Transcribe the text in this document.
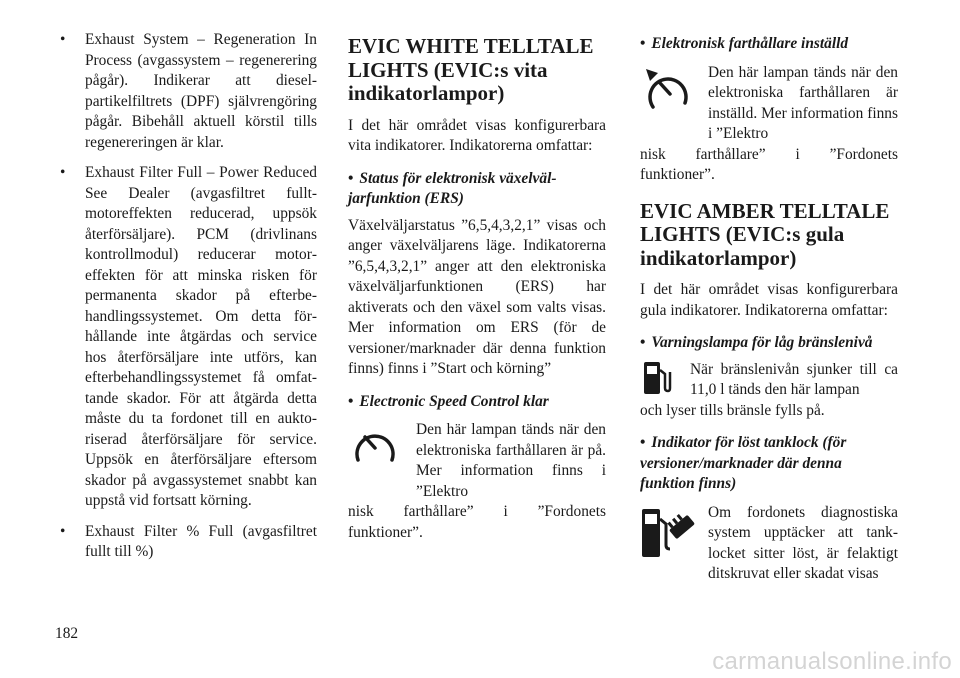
• Exhaust System – Regeneration In Process (avgassystem – regenerering pågår). Indikerar att dieselpartikelfiltrets (DPF) självrengöring pågår. Bibehåll aktuell körstil tills regenereringen är klar.
• Exhaust Filter Full – Power Reduced See Dealer (avgasfiltret fullt-motoreffekten reducerad, uppsök återförsäljare). PCM (drivlinans kontrollmodul) reducerar motoreffekten för att minska risken för permanenta skador på efterbehandlingssystemet. Om detta förhållande inte åtgärdas och service hos återförsäljare inte utförs, kan efterbehandlingssystemet få omfattande skador. För att åtgärda detta måste du ta fordonet till en auktoriserad återförsäljare för service. Uppsök en återförsäljare eftersom skador på avgassystemet snabbt kan uppstå vid fortsatt körning.
• Exhaust Filter % Full (avgasfiltret fullt till %)
EVIC WHITE TELLTALE LIGHTS (EVIC:s vita indikatorlampor)

I det här området visas konfigurerbara vita indikatorer. Indikatorerna omfattar:

• Status för elektronisk växelväljarfunktion (ERS)

Växelväljarstatus ”6,5,4,3,2,1” visas och anger växelväljarens läge. Indikatorerna ”6,5,4,3,2,1” anger att den elektroniska växelväljarfunktionen (ERS) har aktiverats och den växel som valts visas. Mer information om ERS (för de versioner/marknader där denna funktion finns) finns i ”Start och körning”

• Electronic Speed Control klar

Den här lampan tänds när den elektroniska farthållaren är på. Mer information finns i ”Elektro

nisk farthållare” i ”Fordonets funktioner”.

• Elektronisk farthållare inställd

Den här lampan tänds när den elektroniska farthållaren är inställd. Mer information finns i ”Elektro

nisk farthållare” i ”Fordonets funktioner”.

EVIC AMBER TELLTALE LIGHTS (EVIC:s gula indikatorlampor)

I det här området visas konfigurerbara gula indikatorer. Indikatorerna omfattar:

• Varningslampa för låg bränslenivå

När bränslenivån sjunker till ca 11,0 l tänds den här lampan

och lyser tills bränsle fylls på.

• Indikator för löst tanklock (för versioner/marknader där denna funktion finns)

Om fordonets diagnostiska system upptäcker att tanklocket sitter löst, är felaktigt ditskruvat eller skadat visas

182
carmanualsonline.info
